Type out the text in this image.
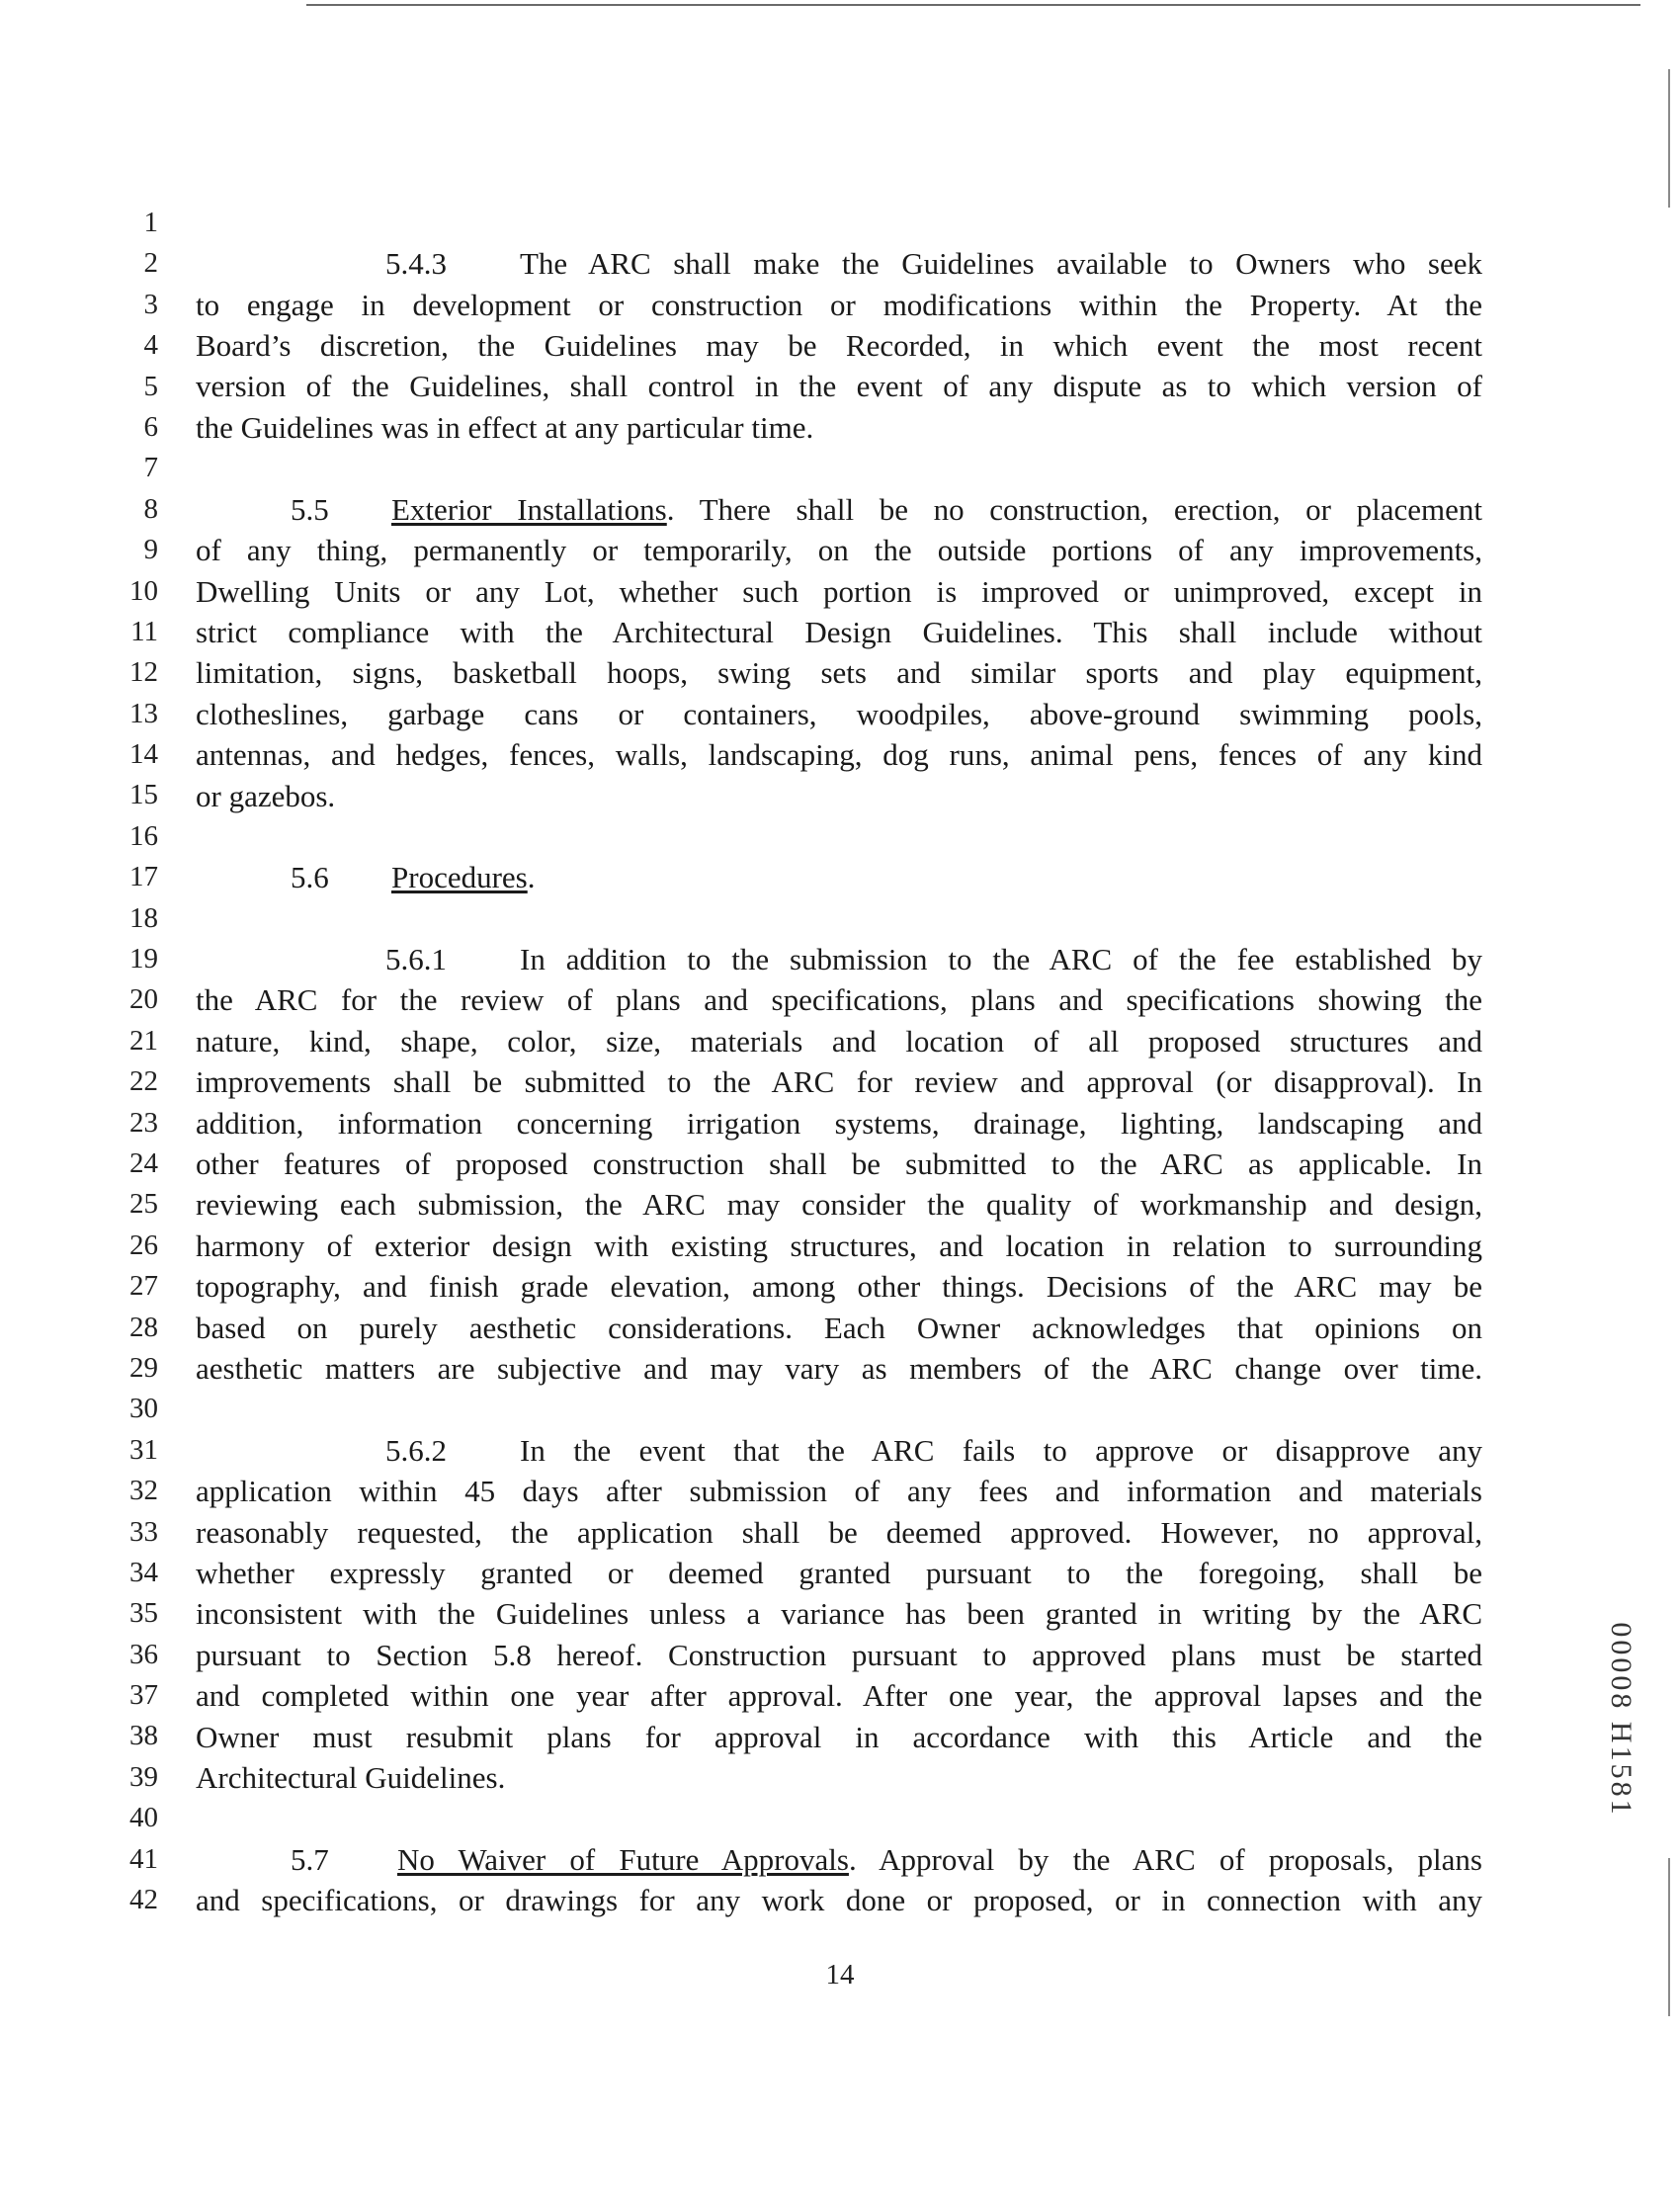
1
2
3
4
5
6
7
8
9
10
11
12
13
14
15
16
17
18
19
20
21
22
23
24
25
26
27
28
29
30
31
32
33
34
35
36
37
38
39
40
41
42
5.4.3 The ARC shall make the Guidelines available to Owners who seek
to engage in development or construction or modifications within the Property. At the
Board’s discretion, the Guidelines may be Recorded, in which event the most recent
version of the Guidelines, shall control in the event of any dispute as to which version of
the Guidelines was in effect at any particular time.
5.5 Exterior Installations. There shall be no construction, erection, or placement
of any thing, permanently or temporarily, on the outside portions of any improvements,
Dwelling Units or any Lot, whether such portion is improved or unimproved, except in
strict compliance with the Architectural Design Guidelines. This shall include without
limitation, signs, basketball hoops, swing sets and similar sports and play equipment,
clotheslines, garbage cans or containers, woodpiles, above-ground swimming pools,
antennas, and hedges, fences, walls, landscaping, dog runs, animal pens, fences of any kind
or gazebos.
5.6 Procedures.
5.6.1 In addition to the submission to the ARC of the fee established by
the ARC for the review of plans and specifications, plans and specifications showing the
nature, kind, shape, color, size, materials and location of all proposed structures and
improvements shall be submitted to the ARC for review and approval (or disapproval). In
addition, information concerning irrigation systems, drainage, lighting, landscaping and
other features of proposed construction shall be submitted to the ARC as applicable. In
reviewing each submission, the ARC may consider the quality of workmanship and design,
harmony of exterior design with existing structures, and location in relation to surrounding
topography, and finish grade elevation, among other things. Decisions of the ARC may be
based on purely aesthetic considerations. Each Owner acknowledges that opinions on
aesthetic matters are subjective and may vary as members of the ARC change over time.
5.6.2 In the event that the ARC fails to approve or disapprove any
application within 45 days after submission of any fees and information and materials
reasonably requested, the application shall be deemed approved. However, no approval,
whether expressly granted or deemed granted pursuant to the foregoing, shall be
inconsistent with the Guidelines unless a variance has been granted in writing by the ARC
pursuant to Section 5.8 hereof. Construction pursuant to approved plans must be started
and completed within one year after approval. After one year, the approval lapses and the
Owner must resubmit plans for approval in accordance with this Article and the
Architectural Guidelines.
5.7 No Waiver of Future Approvals. Approval by the ARC of proposals, plans
and specifications, or drawings for any work done or proposed, or in connection with any
14
00008 H1581
